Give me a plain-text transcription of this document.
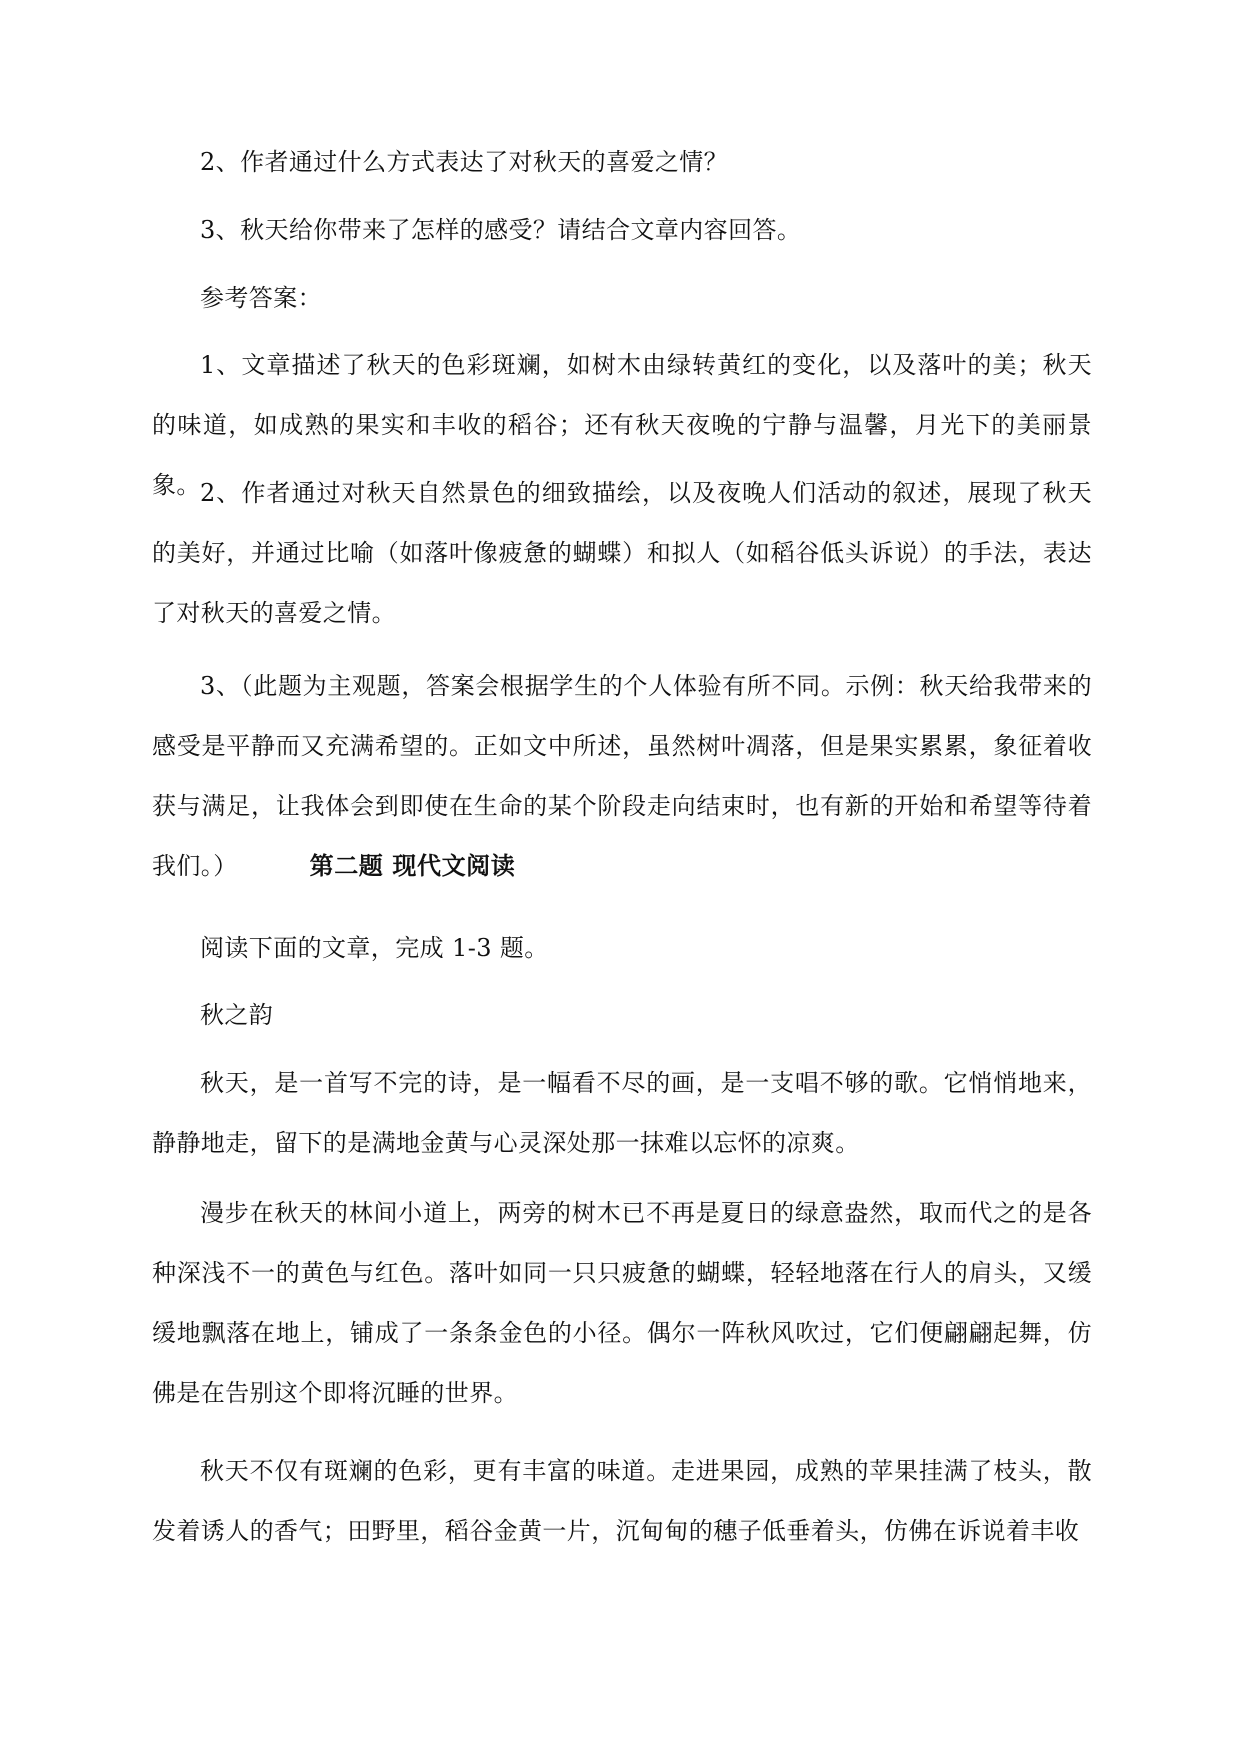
2、作者通过什么方式表达了对秋天的喜爱之情？

3、秋天给你带来了怎样的感受？请结合文章内容回答。

参考答案：

1、文章描述了秋天的色彩斑斓，如树木由绿转黄红的变化，以及落叶的美；秋天的味道，如成熟的果实和丰收的稻谷；还有秋天夜晚的宁静与温馨，月光下的美丽景象。 2、作者通过对秋天自然景色的细致描绘，以及夜晚人们活动的叙述，展现了秋天的美好，并通过比喻（如落叶像疲惫的蝴蝶）和拟人（如稻谷低头诉说）的手法，表达了对秋天的喜爱之情。

3、（此题为主观题，答案会根据学生的个人体验有所不同。示例：秋天给我带来的感受是平静而又充满希望的。正如文中所述，虽然树叶凋落，但是果实累累，象征着收获与满足，让我体会到即使在生命的某个阶段走向结束时，也有新的开始和希望等待着我们。）	第二题 现代文阅读

阅读下面的文章，完成 1-3 题。

秋之韵

秋天，是一首写不完的诗，是一幅看不尽的画，是一支唱不够的歌。它悄悄地来，静静地走，留下的是满地金黄与心灵深处那一抹难以忘怀的凉爽。

漫步在秋天的林间小道上，两旁的树木已不再是夏日的绿意盎然，取而代之的是各种深浅不一的黄色与红色。落叶如同一只只疲惫的蝴蝶，轻轻地落在行人的肩头，又缓缓地飘落在地上，铺成了一条条金色的小径。偶尔一阵秋风吹过，它们便翩翩起舞，仿佛是在告别这个即将沉睡的世界。

秋天不仅有斑斓的色彩，更有丰富的味道。走进果园，成熟的苹果挂满了枝头，散发着诱人的香气；田野里，稻谷金黄一片，沉甸甸的穗子低垂着头，仿佛在诉说着丰收
